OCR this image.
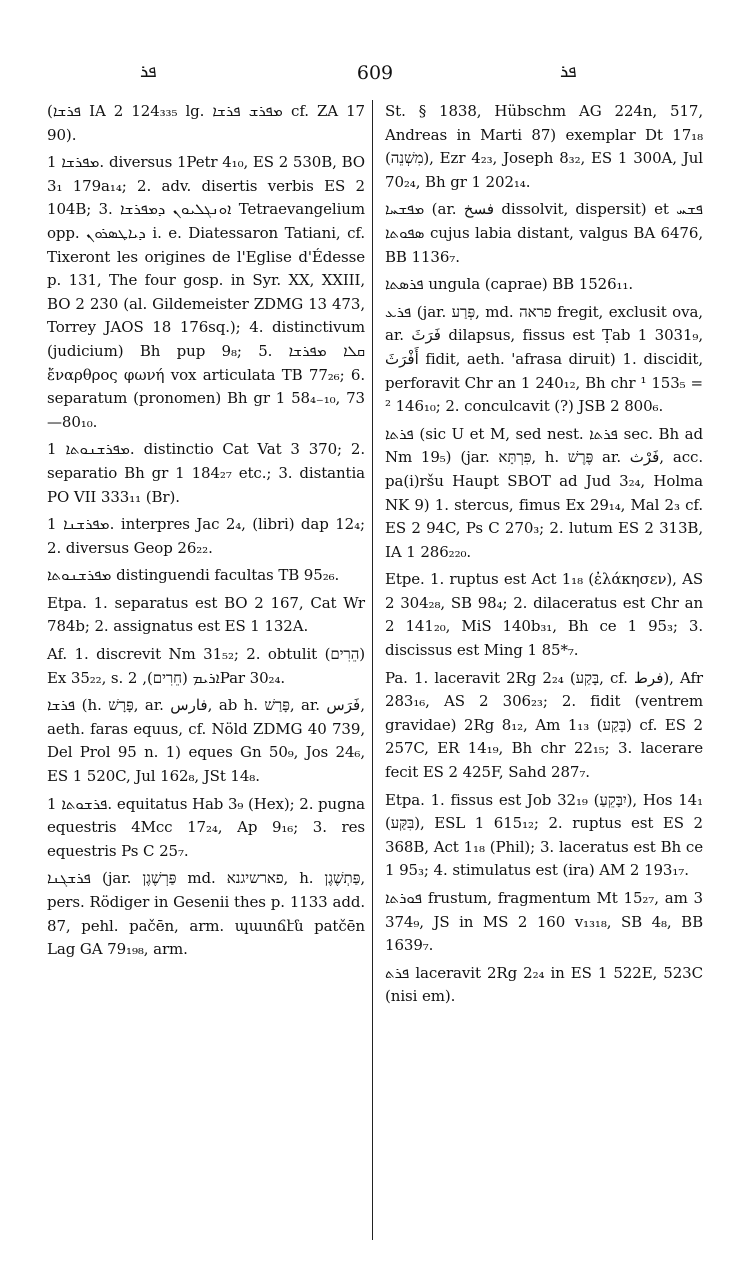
ܦܪ	609	ܦܪ

(ܦܪܫܐ IA 2 124₃₃₅ lg. ܡܦܪܫ ܦܪܫܐ cf. ZA 17 90).

ܡܦܪܫܐ 1. diversus 1Petr 4₁₀, ES 2 530B, BO 3₁ 179a₁₄; 2. adv. disertis verbis ES 2 104B; 3. ܐܘܢܓܠܝܘܢ ܕܡܦܪܫܐ Tetraevangelium opp. ܕܝܐܛܣܪܘܢ i. e. Diatessaron Tatiani, cf. Tixeront les origines de l'Eglise d'Édesse p. 131, The four gosp. in Syr. XX, XXIII, BO 2 230 (al. Gildemeister ZDMG 13 473, Torrey JAOS 18 176sq.); 4. distinctivum (judicium) Bh pup 9₈; 5. ܩܠܐ ܡܦܪܫܐ ἔναρθρος φωνή vox articulata TB 77₂₆; 6. separatum (pronomen) Bh gr 1 58₄₋₁₀, 73—80₁₀.

ܡܦܪܫܢܘܬܐ 1. distinctio Cat Vat 3 370; 2. separatio Bh gr 1 184₂₇ etc.; 3. distantia PO VII 333₁₁ (Br).

ܡܦܪܫܢܐ 1. interpres Jac 2₄, (libri) dap 12₄; 2. diversus Geop 26₂₂.

ܡܦܪܫܢܘܬܐ distinguendi facultas TB 95₂₆.

Etpa. 1. separatus est BO 2 167, Cat Wr 784b; 2. assignatus est ES 1 132A.

Af. 1. discrevit Nm 31₅₂; 2. obtulit (הֵרִים) Ex 35₂₂, s. ܐܪܝܡ (חֵרִים), 2Par 30₂₄.

ܦܪܫܐ (h. פָּרָשׁ, ar. فارس, ab h. פָּרַשׁ, ar. فَرَس, aeth. faras equus, cf. Nöld ZDMG 40 739, Del Prol 95 n. 1) eques Gn 50₉, Jos 24₆, ES 1 520C, Jul 162₈, JSt 14₈.

ܦܪܫܘܬܐ 1. equitatus Hab 3₉ (Hex); 2. pugna equestris 4Mcc 17₂₄, Ap 9₁₆; 3. res equestris Ps C 25₇.

ܦܪܫܓܢܐ (jar. פַּרְשֶׁגֶן md. פארשיגנא, h. פַּתְשֶׁגֶן, pers. Rödiger in Gesenii thes p. 1133 add. 87, pehl. pačēn, arm. պատճէն patčēn Lag GA 79₁₉₈, arm.

St. § 1838, Hübschm AG 224n, 517, Andreas in Marti 87) exemplar Dt 17₁₈ (מִשְׁנֵה), Ezr 4₂₃, Joseph 8₃₂, ES 1 300A, Jul 70₂₄, Bh gr 1 202₁₄.

ܡܦܫܚܐ (ar. فسخ dissolvit, dispersit) et ܦܫܚ ܣܦܘܬܐ cujus labia distant, valgus BA 6476, BB 1136₇.

ܦܪܣܬܐ ungula (caprae) BB 1526₁₁.

ܦܪܥ (jar. פְּרַע, md. פראה fregit, exclusit ova, ar. فَرَثَ dilapsus, fissus est Ṭab 1 3031₉, أَفْرَثَ fidit, aeth. 'afrasa diruit) 1. discidit, perforavit Chr an 1 240₁₂, Bh chr ¹ 153₅ = ² 146₁₀; 2. conculcavit (?) JSB 2 800₆.

ܦܪܬܐ (sic U et M, sed nest. ܦܪܬܐ sec. Bh ad Nm 19₅) (jar. פִּרְתָּא, h. פֶּרֶשׁ ar. فَرْث, acc. pa(i)ršu Haupt SBOT ad Jud 3₂₄, Holma NK 9) 1. stercus, fimus Ex 29₁₄, Mal 2₃ cf. ES 2 94C, Ps C 270₃; 2. lutum ES 2 313B, IA 1 286₂₂₀.

Etpe. 1. ruptus est Act 1₁₈ (ἐλάκησεν), AS 2 304₂₈, SB 98₄; 2. dilaceratus est Chr an 2 141₂₀, MiS 140b₃₁, Bh ce 1 95₃; 3. discissus est Ming 1 85*₇.

Pa. 1. laceravit 2Rg 2₂₄ (בָּקַע, cf. فرط), Afr 283₁₆, AS 2 306₂₃; 2. fidit (ventrem gravidae) 2Rg 8₁₂, Am 1₁₃ (בָּקַע) cf. ES 2 257C, ER 14₁₉, Bh chr 22₁₅; 3. lacerare fecit ES 2 425F, Sahd 287₇.

Etpa. 1. fissus est Job 32₁₉ (יִבָּקֵעַ), Hos 14₁ (בִּקַּע), ESL 1 615₁₂; 2. ruptus est ES 2 368B, Act 1₁₈ (Phil); 3. laceratus est Bh ce 1 95₃; 4. stimulatus est (ira) AM 2 193₁₇.

ܦܘܪܬܐ frustum, fragmentum Mt 15₂₇, am 3 374₉, JS in MS 2 160 v₁₃₁₈, SB 4₈, BB 1639₇.

ܦܪܬ laceravit 2Rg 2₂₄ in ES 1 522E, 523C (nisi em).
